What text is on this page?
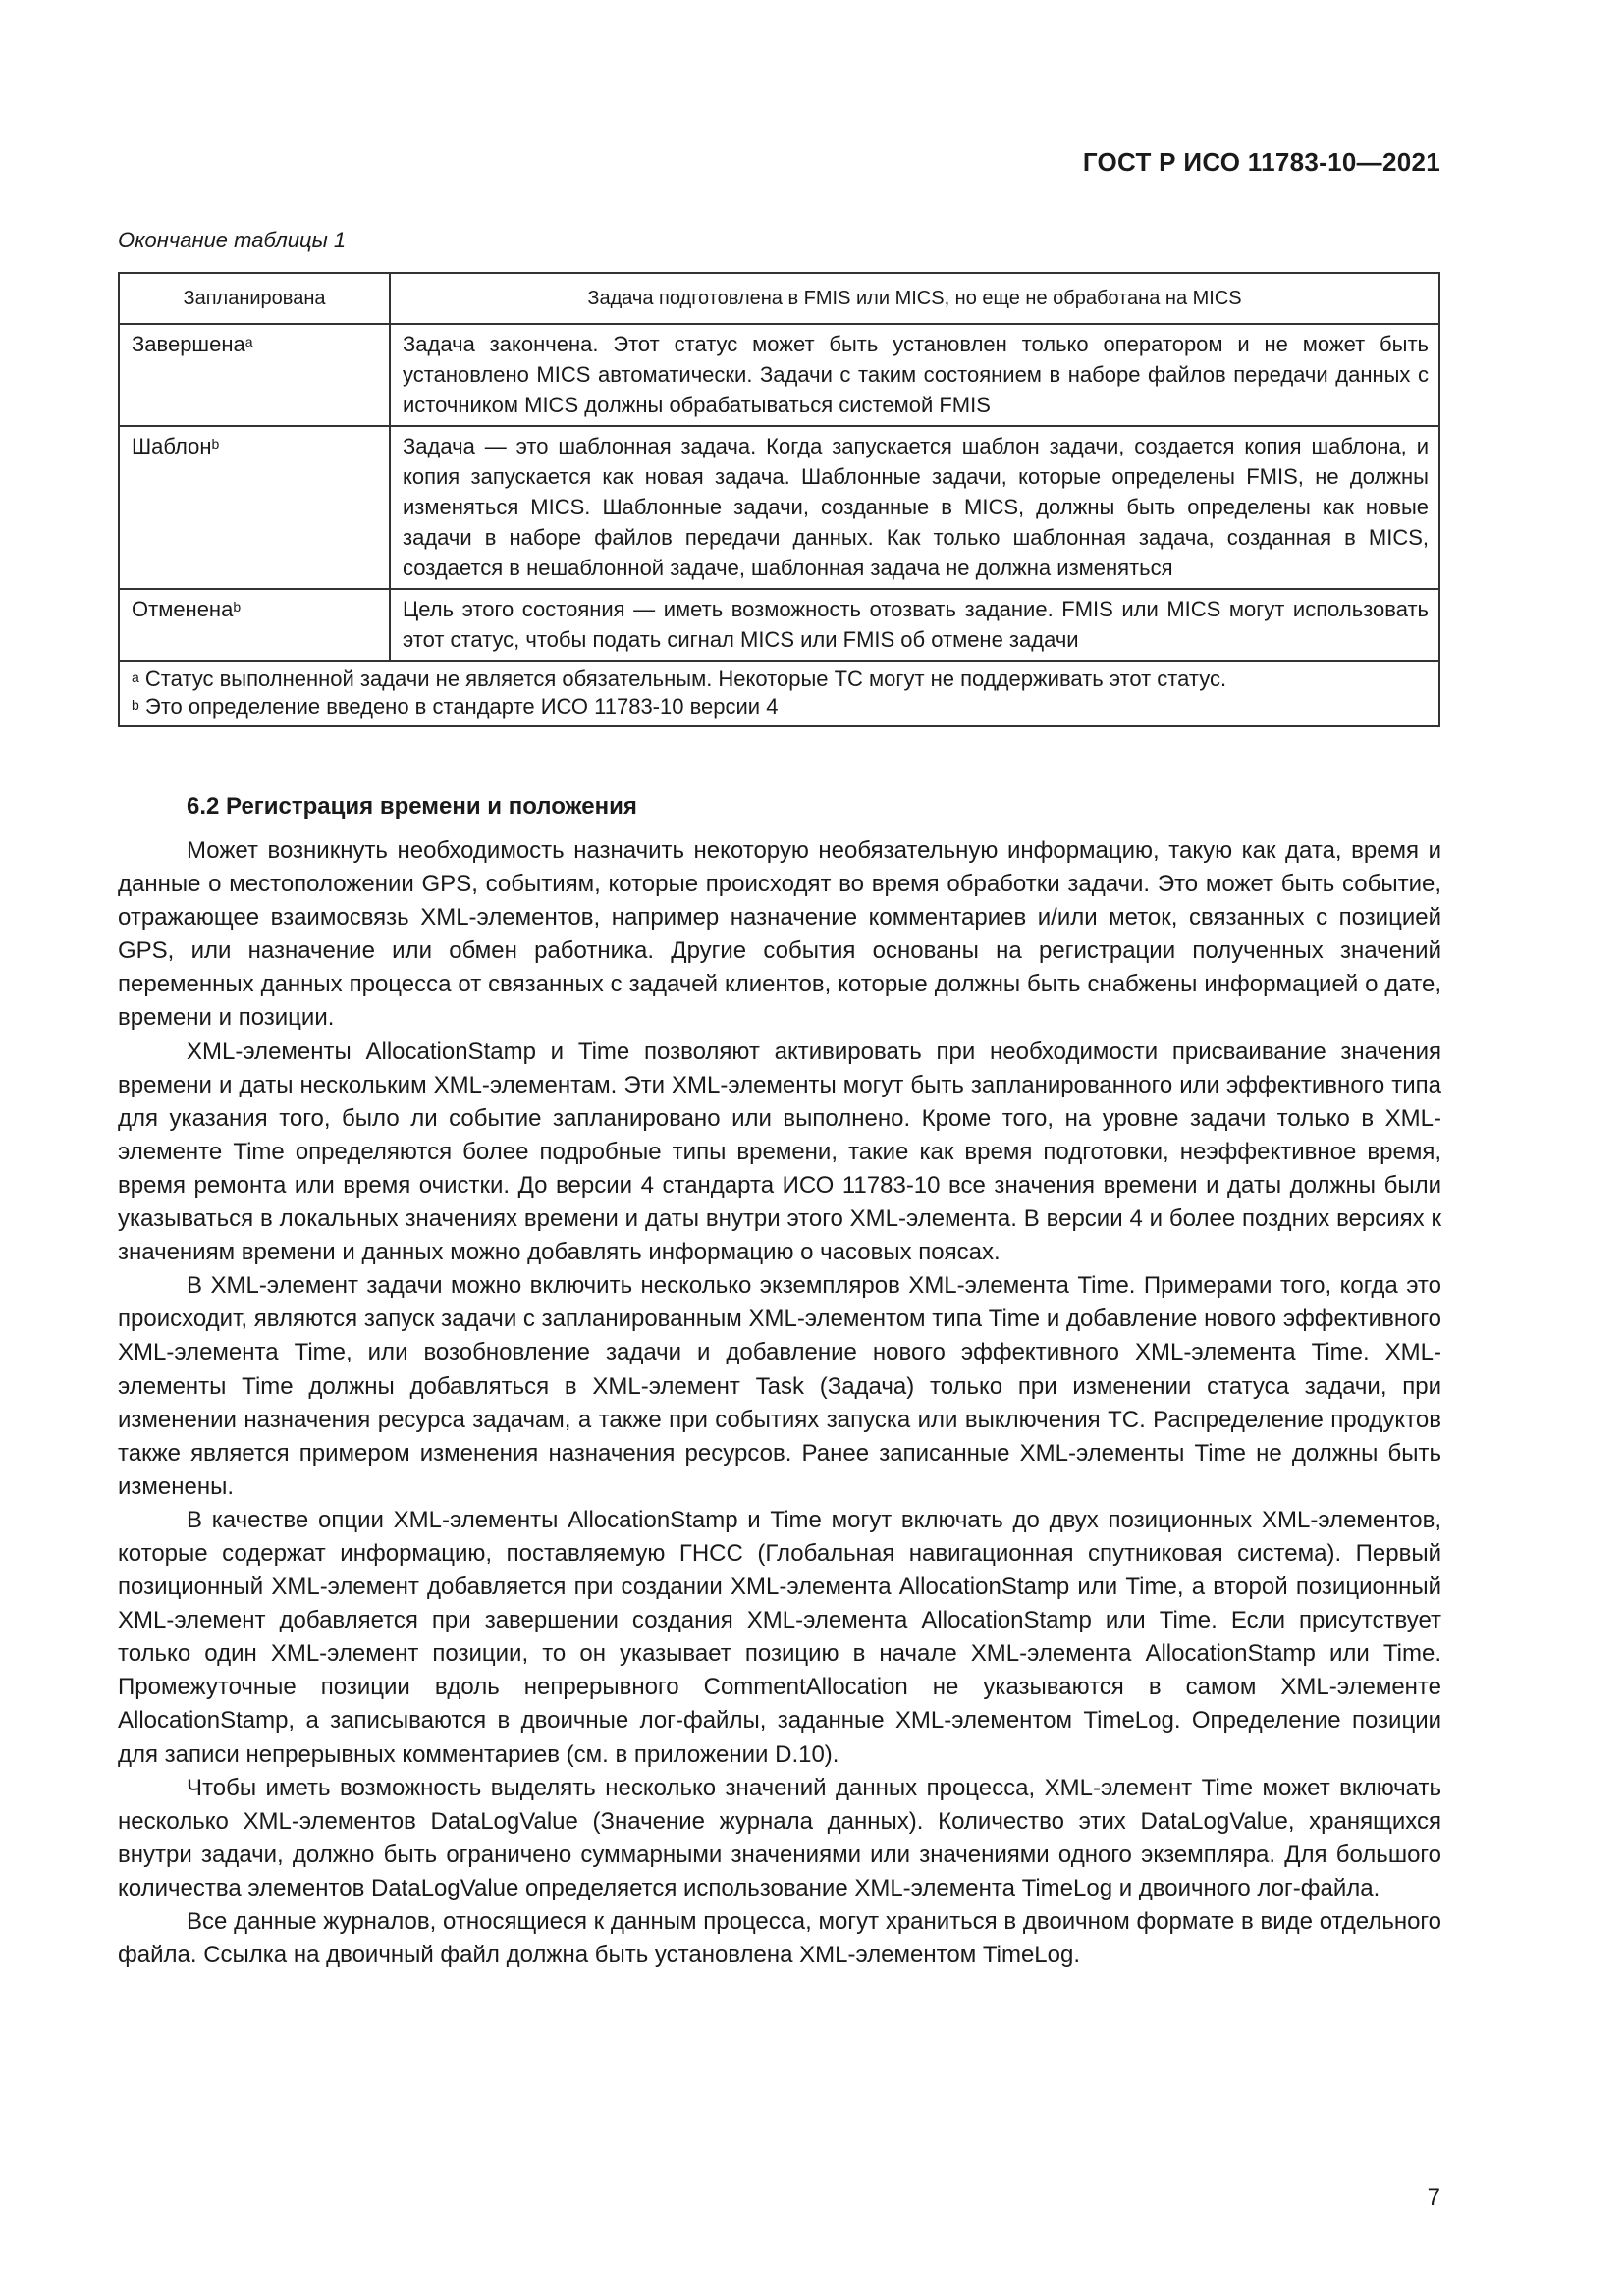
ГОСТ Р ИСО 11783-10—2021
Окончание таблицы 1
Запланирована	Задача подготовлена в FMIS или MICS, но еще не обработана на MICS
Завершена$^a$	Задача закончена. Этот статус может быть установлен только оператором и не может быть установлено MICS автоматически. Задачи с таким состоянием в наборе файлов передачи данных с источником MICS должны обрабатываться системой FMIS
Шаблон$^b$	Задача — это шаблонная задача. Когда запускается шаблон задачи, создается копия шаблона, и копия запускается как новая задача. Шаблонные задачи, которые определены FMIS, не должны изменяться MICS. Шаблонные задачи, созданные в MICS, должны быть определены как новые задачи в наборе файлов передачи данных. Как только шаблонная задача, созданная в MICS, создается в нешаблонной задаче, шаблонная задача не должна изменяться
Отменена$^b$	Цель этого состояния — иметь возможность отозвать задание. FMIS или MICS могут использовать этот статус, чтобы подать сигнал MICS или FMIS об отмене задачи

$^a$ Статус выполненной задачи не является обязательным. Некоторые ТС могут не поддерживать этот статус.
$^b$ Это определение введено в стандарте ИСО 11783-10 версии 4	
6.2 Регистрация времени и положения

Может возникнуть необходимость назначить некоторую необязательную информацию, такую как дата, время и данные о местоположении GPS, событиям, которые происходят во время обработки задачи. Это может быть событие, отражающее взаимосвязь XML-элементов, например назначение комментариев и/или меток, связанных с позицией GPS, или назначение или обмен работника. Другие события основаны на регистрации полученных значений переменных данных процесса от связанных с задачей клиентов, которые должны быть снабжены информацией о дате, времени и позиции.

XML-элементы AllocationStamp и Time позволяют активировать при необходимости присваивание значения времени и даты нескольким XML-элементам. Эти XML-элементы могут быть запланированного или эффективного типа для указания того, было ли событие запланировано или выполнено. Кроме того, на уровне задачи только в XML-элементе Time определяются более подробные типы времени, такие как время подготовки, неэффективное время, время ремонта или время очистки. До версии 4 стандарта ИСО 11783-10 все значения времени и даты должны были указываться в локальных значениях времени и даты внутри этого XML-элемента. В версии 4 и более поздних версиях к значениям времени и данных можно добавлять информацию о часовых поясах.

В XML-элемент задачи можно включить несколько экземпляров XML-элемента Time. Примерами того, когда это происходит, являются запуск задачи с запланированным XML-элементом типа Time и добавление нового эффективного XML-элемента Time, или возобновление задачи и добавление нового эффективного XML-элемента Time. XML-элементы Time должны добавляться в XML-элемент Task (Задача) только при изменении статуса задачи, при изменении назначения ресурса задачам, а также при событиях запуска или выключения ТС. Распределение продуктов также является примером изменения назначения ресурсов. Ранее записанные XML-элементы Time не должны быть изменены.

В качестве опции XML-элементы AllocationStamp и Time могут включать до двух позиционных XML-элементов, которые содержат информацию, поставляемую ГНСС (Глобальная навигационная спутниковая система). Первый позиционный XML-элемент добавляется при создании XML-элемента AllocationStamp или Time, а второй позиционный XML-элемент добавляется при завершении создания XML-элемента AllocationStamp или Time. Если присутствует только один XML-элемент позиции, то он указывает позицию в начале XML-элемента AllocationStamp или Time. Промежуточные позиции вдоль непрерывного CommentAllocation не указываются в самом XML-элементе AllocationStamp, а записываются в двоичные лог-файлы, заданные XML-элементом TimeLog. Определение позиции для записи непрерывных комментариев (см. в приложении D.10).

Чтобы иметь возможность выделять несколько значений данных процесса, XML-элемент Time может включать несколько XML-элементов DataLogValue (Значение журнала данных). Количество этих DataLogValue, хранящихся внутри задачи, должно быть ограничено суммарными значениями или значениями одного экземпляра. Для большого количества элементов DataLogValue определяется использование XML-элемента TimeLog и двоичного лог-файла.

Все данные журналов, относящиеся к данным процесса, могут храниться в двоичном формате в виде отдельного файла. Ссылка на двоичный файл должна быть установлена XML-элементом TimeLog.

7
